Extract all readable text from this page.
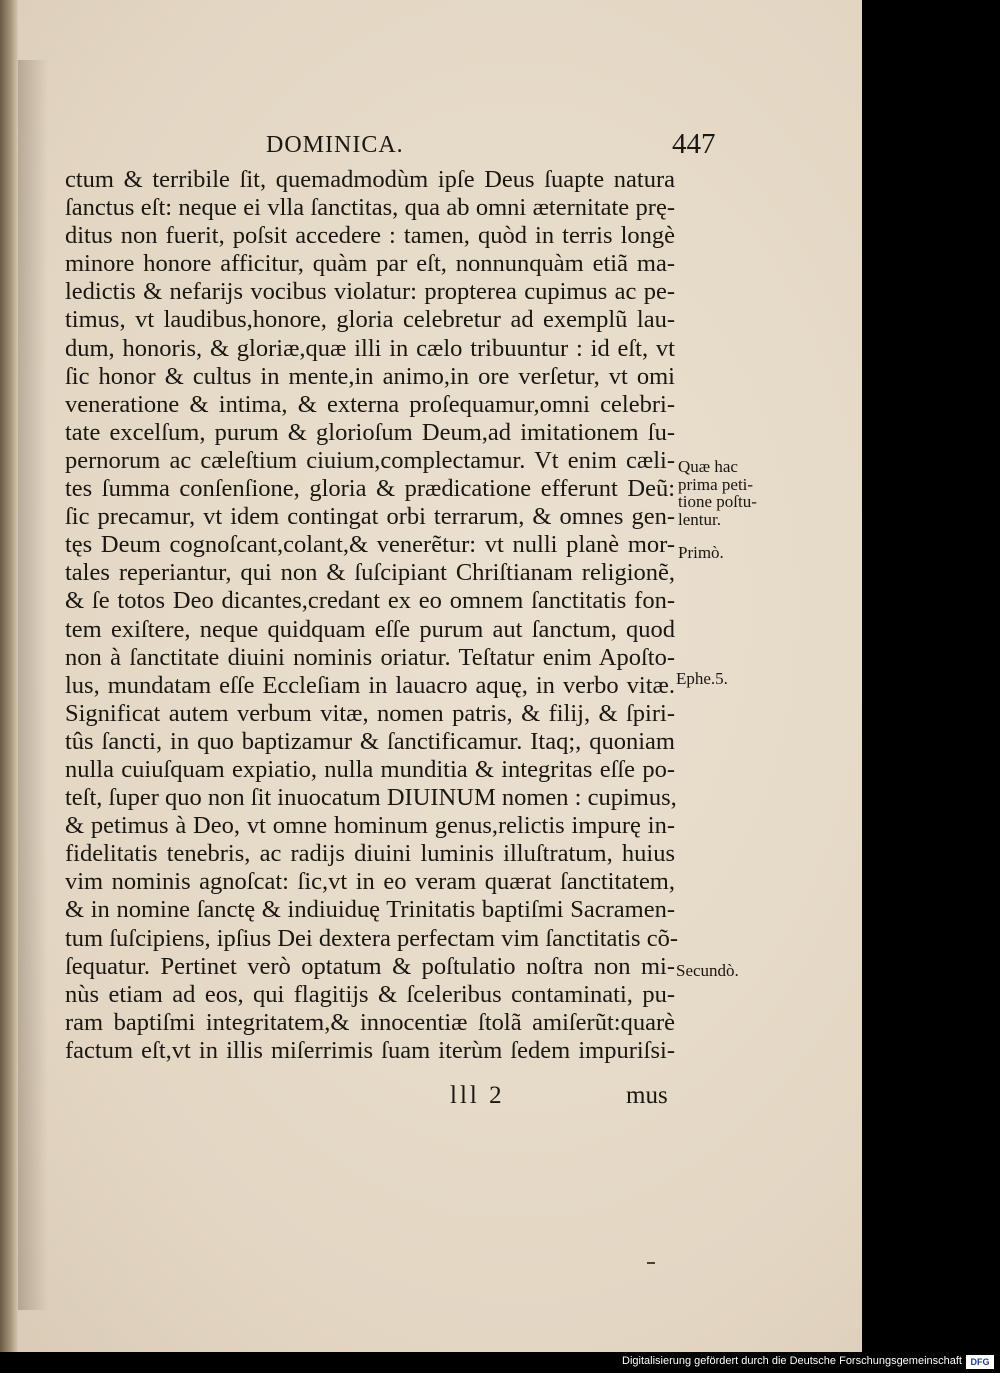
DOMINICA.	447
ctum & terribile ſit, quemadmodùm ipſe Deus ſuapte natura
ſanctus eſt: neque ei vlla ſanctitas, qua ab omni æternitate prę-
ditus non fuerit, poſsit accedere : tamen, quòd in terris longè
minore honore afficitur, quàm par eſt, nonnunquàm etiã ma-
ledictis & nefarijs vocibus violatur: propterea cupimus ac pe-
timus, vt laudibus,honore, gloria celebretur ad exemplũ lau-
dum, honoris, & gloriæ,quæ illi in cælo tribuuntur : id eſt, vt
ſic honor & cultus in mente,in animo,in ore verſetur, vt omi
veneratione & intima, & externa proſequamur,omni celebri-
tate excelſum, purum & glorioſum Deum,ad imitationem ſu-
pernorum ac cæleſtium ciuium,complectamur. Vt enim cæli-
tes ſumma conſenſione, gloria & prædicatione efferunt Deũ:
ſic precamur, vt idem contingat orbi terrarum, & omnes gen-
tęs Deum cognoſcant,colant,& venerẽtur: vt nulli planè mor-
tales reperiantur, qui non & ſuſcipiant Chriſtianam religionẽ,
& ſe totos Deo dicantes,credant ex eo omnem ſanctitatis fon-
tem exiſtere, neque quidquam eſſe purum aut ſanctum, quod
non à ſanctitate diuini nominis oriatur. Teſtatur enim Apoſto-
lus, mundatam eſſe Eccleſiam in lauacro aquę, in verbo vitæ.
Significat autem verbum vitæ, nomen patris, & filij, & ſpiri-
tûs ſancti, in quo baptizamur & ſanctificamur. Itaq;, quoniam
nulla cuiuſquam expiatio, nulla munditia & integritas eſſe po-
teſt, ſuper quo non ſit inuocatum DIUINUM nomen : cupimus,
& petimus à Deo, vt omne hominum genus,relictis impurę in-
fidelitatis tenebris, ac radijs diuini luminis illuſtratum, huius
vim nominis agnoſcat: ſic,vt in eo veram quærat ſanctitatem,
& in nomine ſanctę & indiuiduę Trinitatis baptiſmi Sacramen-
tum ſuſcipiens, ipſius Dei dextera perfectam vim ſanctitatis cõ-
ſequatur. Pertinet verò optatum & poſtulatio noſtra non mi-
nùs etiam ad eos, qui flagitijs & ſceleribus contaminati, pu-
ram baptiſmi integritatem,& innocentiæ ſtolã amiſerũt:quarè
factum eſt,vt in illis miſerrimis ſuam iterùm ſedem impuriſsi-
Quæ hac
prima peti-
tione poſtu-
lentur.
Primò.
Ephe.5.
Secundò.
lll 2	mus
Digitalisierung gefördert durch die Deutsche Forschungsgemeinschaft DFG
